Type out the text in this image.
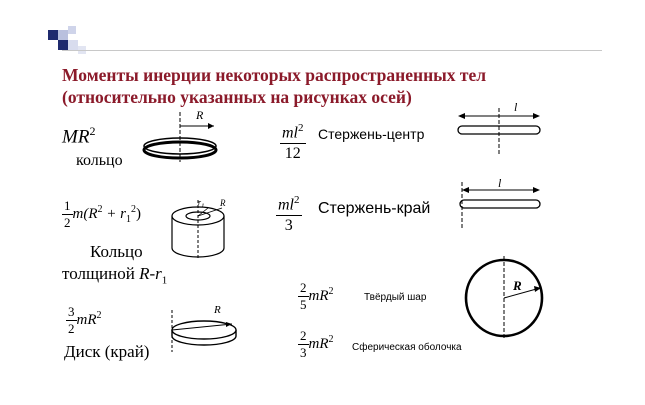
Моменты инерции некоторых распространенных тел
(относительно указанных на рисунках осей)
$MR^2$
кольцо
R
$\frac{1}{2} m(R^2 + r_1^2)$
$r_1$ R
Кольцо
толщиной $R-r_1$
$\frac{3}{2} mR^2$
Диск (край)
R
$\frac{ml^2}{12}$ Стержень-центр
l
$\frac{ml^2}{3}$ Стержень-край
l
$\frac{2}{5} mR^2$
Твёрдый шар
$\frac{2}{3} mR^2$
Сферическая оболочка
R
